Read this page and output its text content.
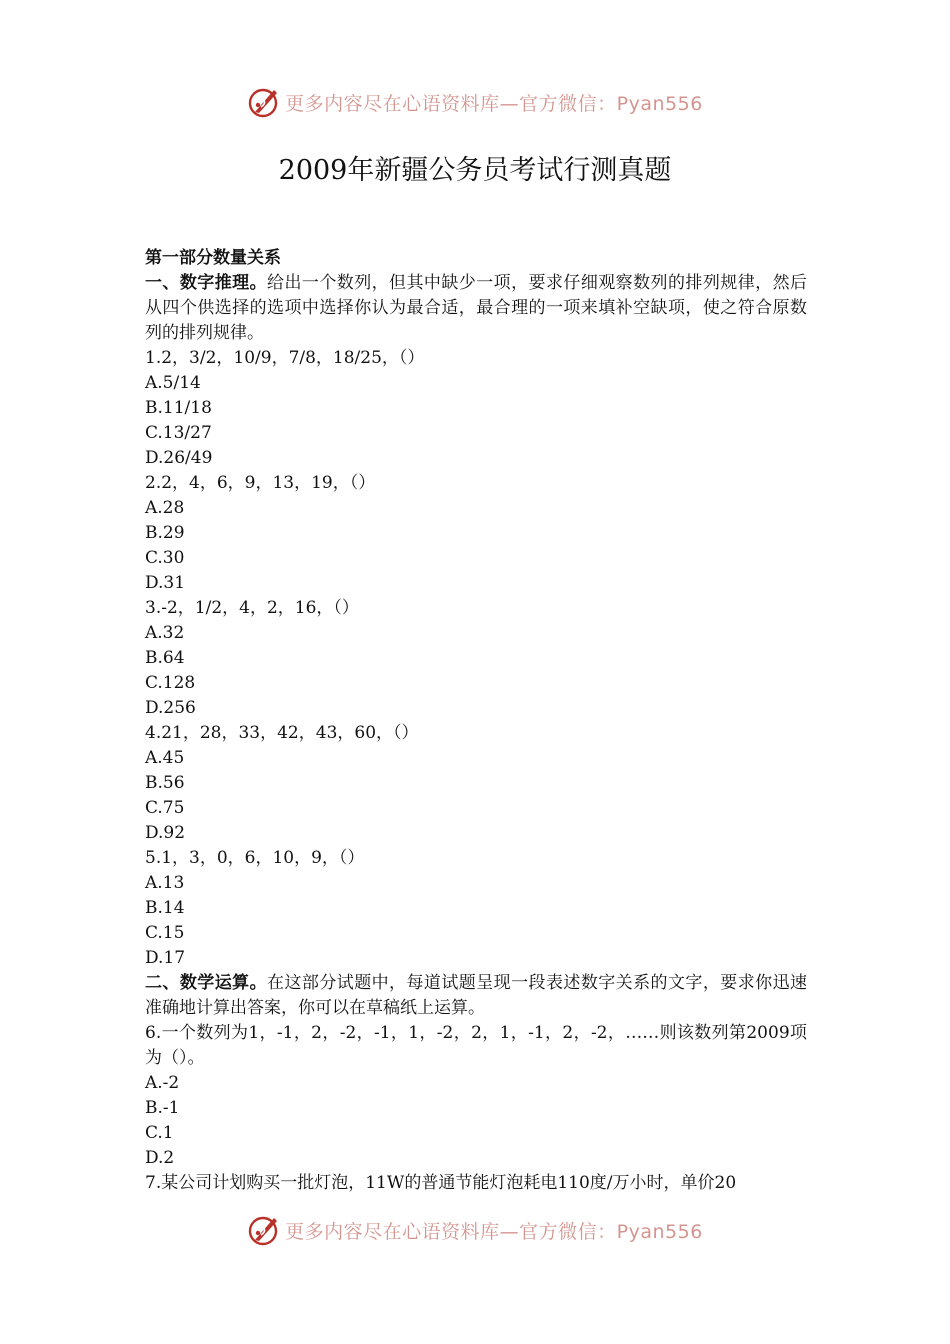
更多内容尽在心语资料库—官方微信：Pyan556
2009年新疆公务员考试行测真题
第一部分数量关系
一、数字推理。给出一个数列，但其中缺少一项，要求仔细观察数列的排列规律，然后从四个供选择的选项中选择你认为最合适，最合理的一项来填补空缺项，使之符合原数列的排列规律。
1.2，3/2，10/9，7/8，18/25，（）
A.5/14
B.11/18
C.13/27
D.26/49
2.2，4，6，9，13，19，（）
A.28
B.29
C.30
D.31
3.-2，1/2，4，2，16，（）
A.32
B.64
C.128
D.256
4.21，28，33，42，43，60，（）
A.45
B.56
C.75
D.92
5.1，3，0，6，10，9，（）
A.13
B.14
C.15
D.17
二、数学运算。在这部分试题中，每道试题呈现一段表述数字关系的文字，要求你迅速准确地计算出答案，你可以在草稿纸上运算。
6.一个数列为1，-1，2，-2，-1，1，-2，2，1，-1，2，-2，……则该数列第2009项为（）。
A.-2
B.-1
C.1
D.2
7.某公司计划购买一批灯泡，11W的普通节能灯泡耗电110度/万小时，单价20
更多内容尽在心语资料库—官方微信：Pyan556
